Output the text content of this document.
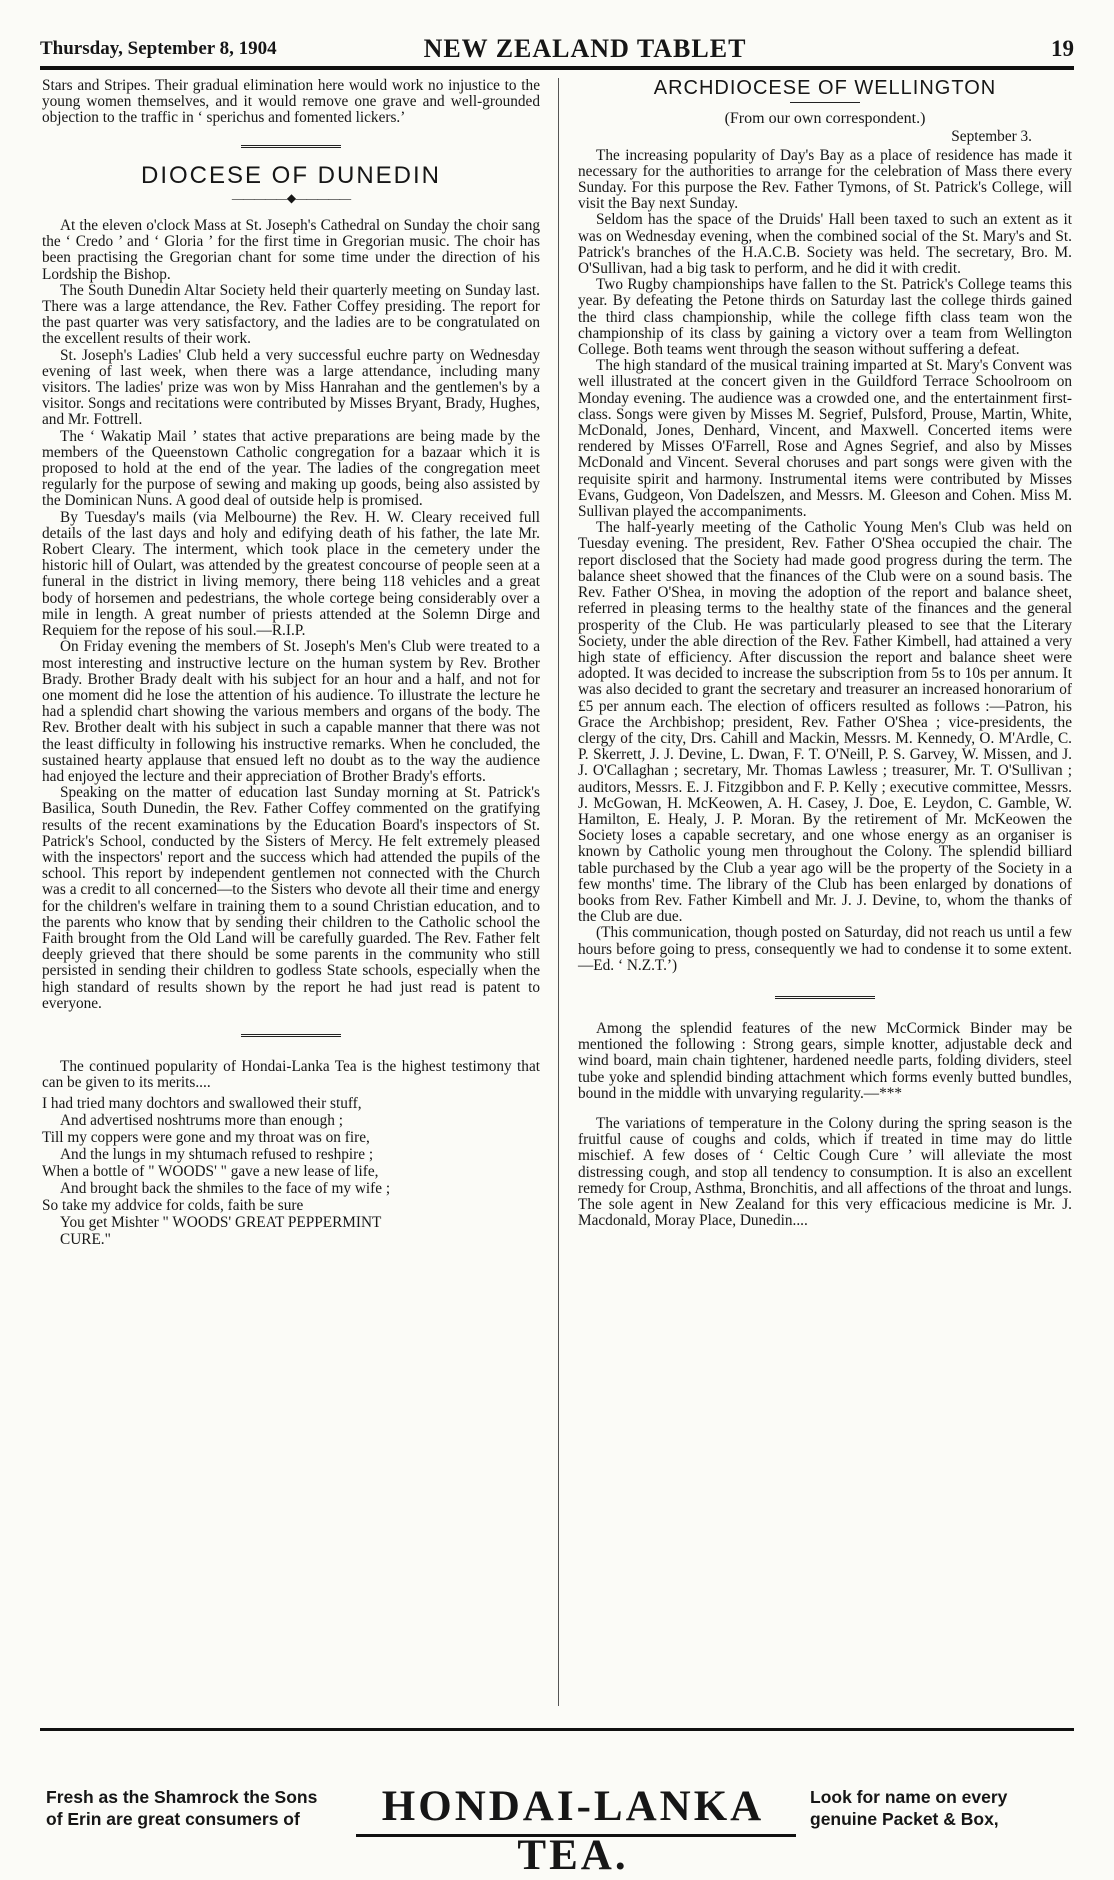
Thursday, September 8, 1904	NEW ZEALAND TABLET	19

Stars and Stripes. Their gradual elimination here would work no injustice to the young women themselves, and it would remove one grave and well-grounded objection to the traffic in ‘ sperichus and fomented lickers.’

DIOCESE OF DUNEDIN
—————◆—————

At the eleven o'clock Mass at St. Joseph's Cathedral on Sunday the choir sang the ‘ Credo ’ and ‘ Gloria ’ for the first time in Gregorian music. The choir has been practising the Gregorian chant for some time under the direction of his Lordship the Bishop.

The South Dunedin Altar Society held their quarterly meeting on Sunday last. There was a large attendance, the Rev. Father Coffey presiding. The report for the past quarter was very satisfactory, and the ladies are to be congratulated on the excellent results of their work.

St. Joseph's Ladies' Club held a very successful euchre party on Wednesday evening of last week, when there was a large attendance, including many visitors. The ladies' prize was won by Miss Hanrahan and the gentlemen's by a visitor. Songs and recitations were contributed by Misses Bryant, Brady, Hughes, and Mr. Fottrell.

The ‘ Wakatip Mail ’ states that active preparations are being made by the members of the Queenstown Catholic congregation for a bazaar which it is proposed to hold at the end of the year. The ladies of the congregation meet regularly for the purpose of sewing and making up goods, being also assisted by the Dominican Nuns. A good deal of outside help is promised.

By Tuesday's mails (via Melbourne) the Rev. H. W. Cleary received full details of the last days and holy and edifying death of his father, the late Mr. Robert Cleary. The interment, which took place in the cemetery under the historic hill of Oulart, was attended by the greatest concourse of people seen at a funeral in the district in living memory, there being 118 vehicles and a great body of horsemen and pedestrians, the whole cortege being considerably over a mile in length. A great number of priests attended at the Solemn Dirge and Requiem for the repose of his soul.—R.I.P.

On Friday evening the members of St. Joseph's Men's Club were treated to a most interesting and instructive lecture on the human system by Rev. Brother Brady. Brother Brady dealt with his subject for an hour and a half, and not for one moment did he lose the attention of his audience. To illustrate the lecture he had a splendid chart showing the various members and organs of the body. The Rev. Brother dealt with his subject in such a capable manner that there was not the least difficulty in following his instructive remarks. When he concluded, the sustained hearty applause that ensued left no doubt as to the way the audience had enjoyed the lecture and their appreciation of Brother Brady's efforts.

Speaking on the matter of education last Sunday morning at St. Patrick's Basilica, South Dunedin, the Rev. Father Coffey commented on the gratifying results of the recent examinations by the Education Board's inspectors of St. Patrick's School, conducted by the Sisters of Mercy. He felt extremely pleased with the inspectors' report and the success which had attended the pupils of the school. This report by independent gentlemen not connected with the Church was a credit to all concerned—to the Sisters who devote all their time and energy for the children's welfare in training them to a sound Christian education, and to the parents who know that by sending their children to the Catholic school the Faith brought from the Old Land will be carefully guarded. The Rev. Father felt deeply grieved that there should be some parents in the community who still persisted in sending their children to godless State schools, especially when the high standard of results shown by the report he had just read is patent to everyone.

The continued popularity of Hondai-Lanka Tea is the highest testimony that can be given to its merits....

I had tried many dochtors and swallowed their stuff,
And advertised noshtrums more than enough ;
Till my coppers were gone and my throat was on fire,
And the lungs in my shtumach refused to reshpire ;
When a bottle of " WOODS' " gave a new lease of life,
And brought back the shmiles to the face of my wife ;
So take my addvice for colds, faith be sure
You get Mishter " WOODS' GREAT PEPPERMINT
CURE."
ARCHDIOCESE OF WELLINGTON
(From our own correspondent.)
September 3.

The increasing popularity of Day's Bay as a place of residence has made it necessary for the authorities to arrange for the celebration of Mass there every Sunday. For this purpose the Rev. Father Tymons, of St. Patrick's College, will visit the Bay next Sunday.

Seldom has the space of the Druids' Hall been taxed to such an extent as it was on Wednesday evening, when the combined social of the St. Mary's and St. Patrick's branches of the H.A.C.B. Society was held. The secretary, Bro. M. O'Sullivan, had a big task to perform, and he did it with credit.

Two Rugby championships have fallen to the St. Patrick's College teams this year. By defeating the Petone thirds on Saturday last the college thirds gained the third class championship, while the college fifth class team won the championship of its class by gaining a victory over a team from Wellington College. Both teams went through the season without suffering a defeat.

The high standard of the musical training imparted at St. Mary's Convent was well illustrated at the concert given in the Guildford Terrace Schoolroom on Monday evening. The audience was a crowded one, and the entertainment first-class. Songs were given by Misses M. Segrief, Pulsford, Prouse, Martin, White, McDonald, Jones, Denhard, Vincent, and Maxwell. Concerted items were rendered by Misses O'Farrell, Rose and Agnes Segrief, and also by Misses McDonald and Vincent. Several choruses and part songs were given with the requisite spirit and harmony. Instrumental items were contributed by Misses Evans, Gudgeon, Von Dadelszen, and Messrs. M. Gleeson and Cohen. Miss M. Sullivan played the accompaniments.

The half-yearly meeting of the Catholic Young Men's Club was held on Tuesday evening. The president, Rev. Father O'Shea occupied the chair. The report disclosed that the Society had made good progress during the term. The balance sheet showed that the finances of the Club were on a sound basis. The Rev. Father O'Shea, in moving the adoption of the report and balance sheet, referred in pleasing terms to the healthy state of the finances and the general prosperity of the Club. He was particularly pleased to see that the Literary Society, under the able direction of the Rev. Father Kimbell, had attained a very high state of efficiency. After discussion the report and balance sheet were adopted. It was decided to increase the subscription from 5s to 10s per annum. It was also decided to grant the secretary and treasurer an increased honorarium of £5 per annum each. The election of officers resulted as follows :—Patron, his Grace the Archbishop; president, Rev. Father O'Shea ; vice-presidents, the clergy of the city, Drs. Cahill and Mackin, Messrs. M. Kennedy, O. M'Ardle, C. P. Skerrett, J. J. Devine, L. Dwan, F. T. O'Neill, P. S. Garvey, W. Missen, and J. J. O'Callaghan ; secretary, Mr. Thomas Lawless ; treasurer, Mr. T. O'Sullivan ; auditors, Messrs. E. J. Fitzgibbon and F. P. Kelly ; executive committee, Messrs. J. McGowan, H. McKeowen, A. H. Casey, J. Doe, E. Leydon, C. Gamble, W. Hamilton, E. Healy, J. P. Moran. By the retirement of Mr. McKeowen the Society loses a capable secretary, and one whose energy as an organiser is known by Catholic young men throughout the Colony. The splendid billiard table purchased by the Club a year ago will be the property of the Society in a few months' time. The library of the Club has been enlarged by donations of books from Rev. Father Kimbell and Mr. J. J. Devine, to, whom the thanks of the Club are due.

(This communication, though posted on Saturday, did not reach us until a few hours before going to press, consequently we had to condense it to some extent.—Ed. ‘ N.Z.T.’)

Among the splendid features of the new McCormick Binder may be mentioned the following : Strong gears, simple knotter, adjustable deck and wind board, main chain tightener, hardened needle parts, folding dividers, steel tube yoke and splendid binding attachment which forms evenly butted bundles, bound in the middle with unvarying regularity.—***

The variations of temperature in the Colony during the spring season is the fruitful cause of coughs and colds, which if treated in time may do little mischief. A few doses of ‘ Celtic Cough Cure ’ will alleviate the most distressing cough, and stop all tendency to consumption. It is also an excellent remedy for Croup, Asthma, Bronchitis, and all affections of the throat and lungs. The sole agent in New Zealand for this very efficacious medicine is Mr. J. Macdonald, Moray Place, Dunedin....

Fresh as the Shamrock the Sons
of Erin are great consumers of	HONDAI-LANKA TEA.
Look for name on every
genuine Packet & Box,
